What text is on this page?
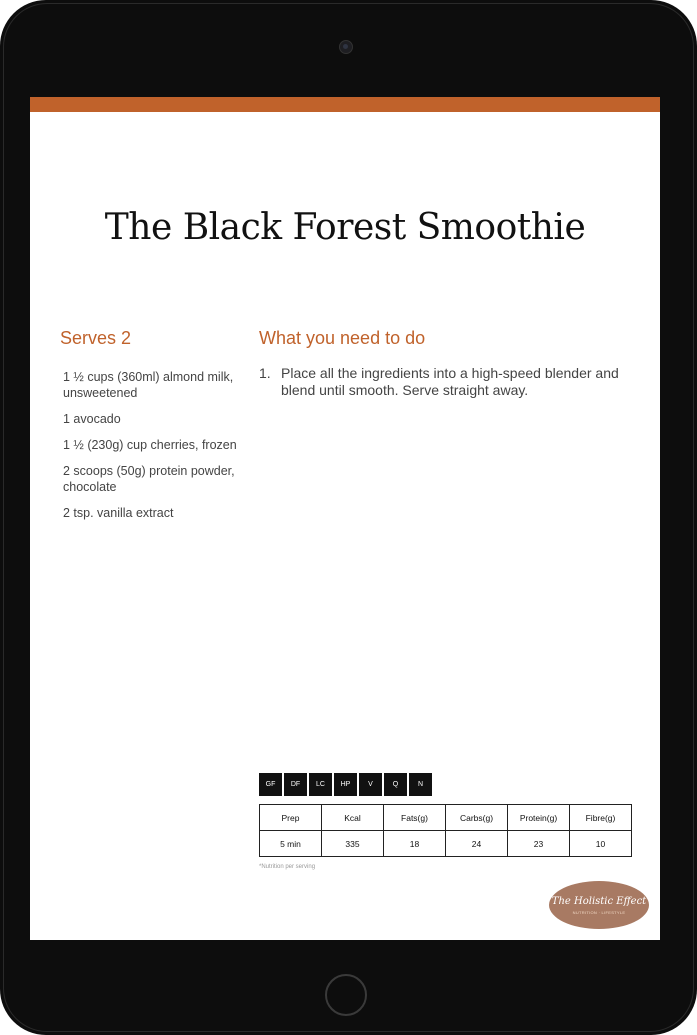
The Black Forest Smoothie
Serves 2
1 ½ cups (360ml) almond milk, unsweetened
1 avocado
1 ½ (230g) cup cherries, frozen
2 scoops (50g) protein powder, chocolate
2 tsp. vanilla extract
What you need to do
1. Place all the ingredients into a high-speed blender and blend until smooth. Serve straight away.
GF	DF	LC	HP	V	Q	N
Prep	Kcal	Fats(g)	Carbs(g)	Protein(g)	Fibre(g)
5 min	335	18	24	23	10
*Nutrition per serving
The Holistic Effect
NUTRITION · LIFESTYLE
